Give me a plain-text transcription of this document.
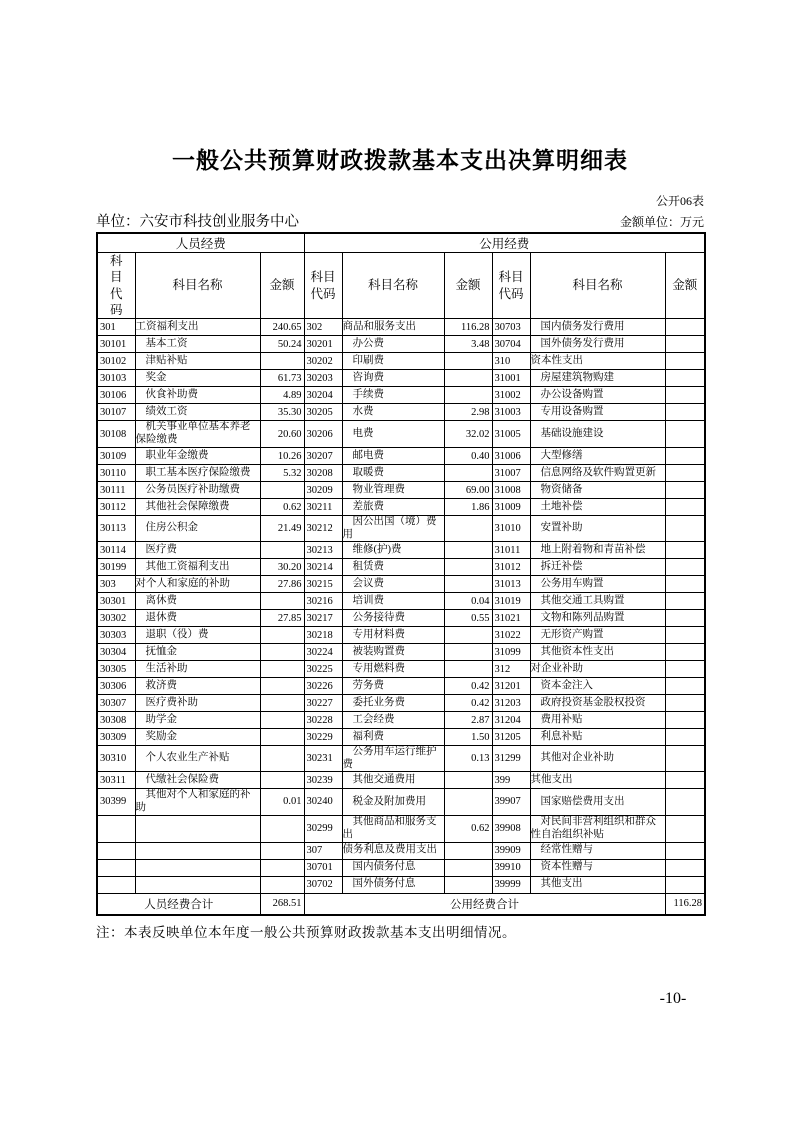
一般公共预算财政拨款基本支出决算明细表
公开06表
单位：六安市科技创业服务中心	金额单位：万元
人员经费			公用经费					
科目代码	科目名称	金额	科目代码	科目名称	金额	科目代码	科目名称	金额
301	工资福利支出	240.65	302	商品和服务支出	116.28	30703	国内债务发行费用	
30101	基本工资	50.24	30201	办公费	3.48	30704	国外债务发行费用	
30102	津贴补贴		30202	印刷费		310	资本性支出	
30103	奖金	61.73	30203	咨询费		31001	房屋建筑物购建	
30106	伙食补助费	4.89	30204	手续费		31002	办公设备购置	
30107	绩效工资	35.30	30205	水费	2.98	31003	专用设备购置	
30108	机关事业单位基本养老保险缴费	20.60	30206	电费	32.02	31005	基础设施建设	
30109	职业年金缴费	10.26	30207	邮电费	0.40	31006	大型修缮	
30110	职工基本医疗保险缴费	5.32	30208	取暖费		31007	信息网络及软件购置更新	
30111	公务员医疗补助缴费		30209	物业管理费	69.00	31008	物资储备	
30112	其他社会保障缴费	0.62	30211	差旅费	1.86	31009	土地补偿	
30113	住房公积金	21.49	30212	因公出国（境）费用		31010	安置补助	
30114	医疗费		30213	维修(护)费		31011	地上附着物和青苗补偿	
30199	其他工资福利支出	30.20	30214	租赁费		31012	拆迁补偿	
303	对个人和家庭的补助	27.86	30215	会议费		31013	公务用车购置	
30301	离休费		30216	培训费	0.04	31019	其他交通工具购置	
30302	退休费	27.85	30217	公务接待费	0.55	31021	文物和陈列品购置	
30303	退职（役）费		30218	专用材料费		31022	无形资产购置	
30304	抚恤金		30224	被装购置费		31099	其他资本性支出	
30305	生活补助		30225	专用燃料费		312	对企业补助	
30306	救济费		30226	劳务费	0.42	31201	资本金注入	
30307	医疗费补助		30227	委托业务费	0.42	31203	政府投资基金股权投资	
30308	助学金		30228	工会经费	2.87	31204	费用补贴	
30309	奖励金		30229	福利费	1.50	31205	利息补贴	
30310	个人农业生产补贴		30231	公务用车运行维护费	0.13	31299	其他对企业补助	
30311	代缴社会保险费		30239	其他交通费用		399	其他支出	
30399	其他对个人和家庭的补助	0.01	30240	税金及附加费用		39907	国家赔偿费用支出	
			30299	其他商品和服务支出	0.62	39908	对民间非营利组织和群众性自治组织补贴	
			307	债务利息及费用支出		39909	经常性赠与	
			30701	国内债务付息		39910	资本性赠与	
			30702	国外债务付息		39999	其他支出	
人员经费合计		268.51	公用经费合计					116.28
注：本表反映单位本年度一般公共预算财政拨款基本支出明细情况。
-10-
